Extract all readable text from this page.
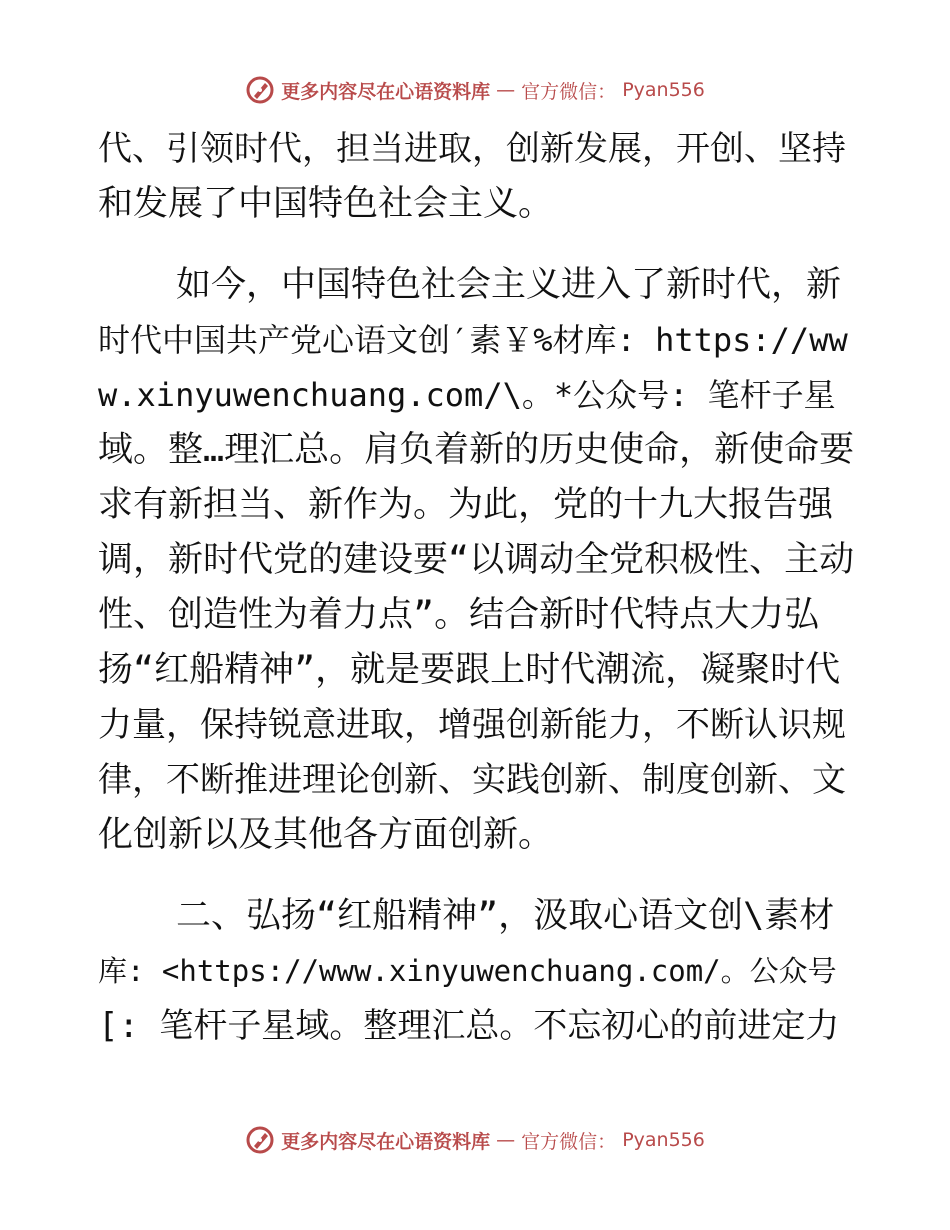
更多内容尽在心语资料库 — 官方微信： Pyan556
代、引领时代，担当进取，创新发展，开创、坚持
和发展了中国特色社会主义。
如今，中国特色社会主义进入了新时代，新
时代中国共产党心语文创′素￥%材库: https://ww
w.xinyuwenchuang.com/\。*公众号: 笔杆子星
域。整…理汇总。肩负着新的历史使命，新使命要
求有新担当、新作为。为此，党的十九大报告强
调，新时代党的建设要“以调动全党积极性、主动
性、创造性为着力点”。结合新时代特点大力弘
扬“红船精神”，就是要跟上时代潮流，凝聚时代
力量，保持锐意进取，增强创新能力，不断认识规
律，不断推进理论创新、实践创新、制度创新、文
化创新以及其他各方面创新。
二、弘扬“红船精神”，汲取心语文创\素材
库: <https://www.xinyuwenchuang.com/。公众号
[: 笔杆子星域。整理汇总。不忘初心的前进定力
更多内容尽在心语资料库 — 官方微信： Pyan556
